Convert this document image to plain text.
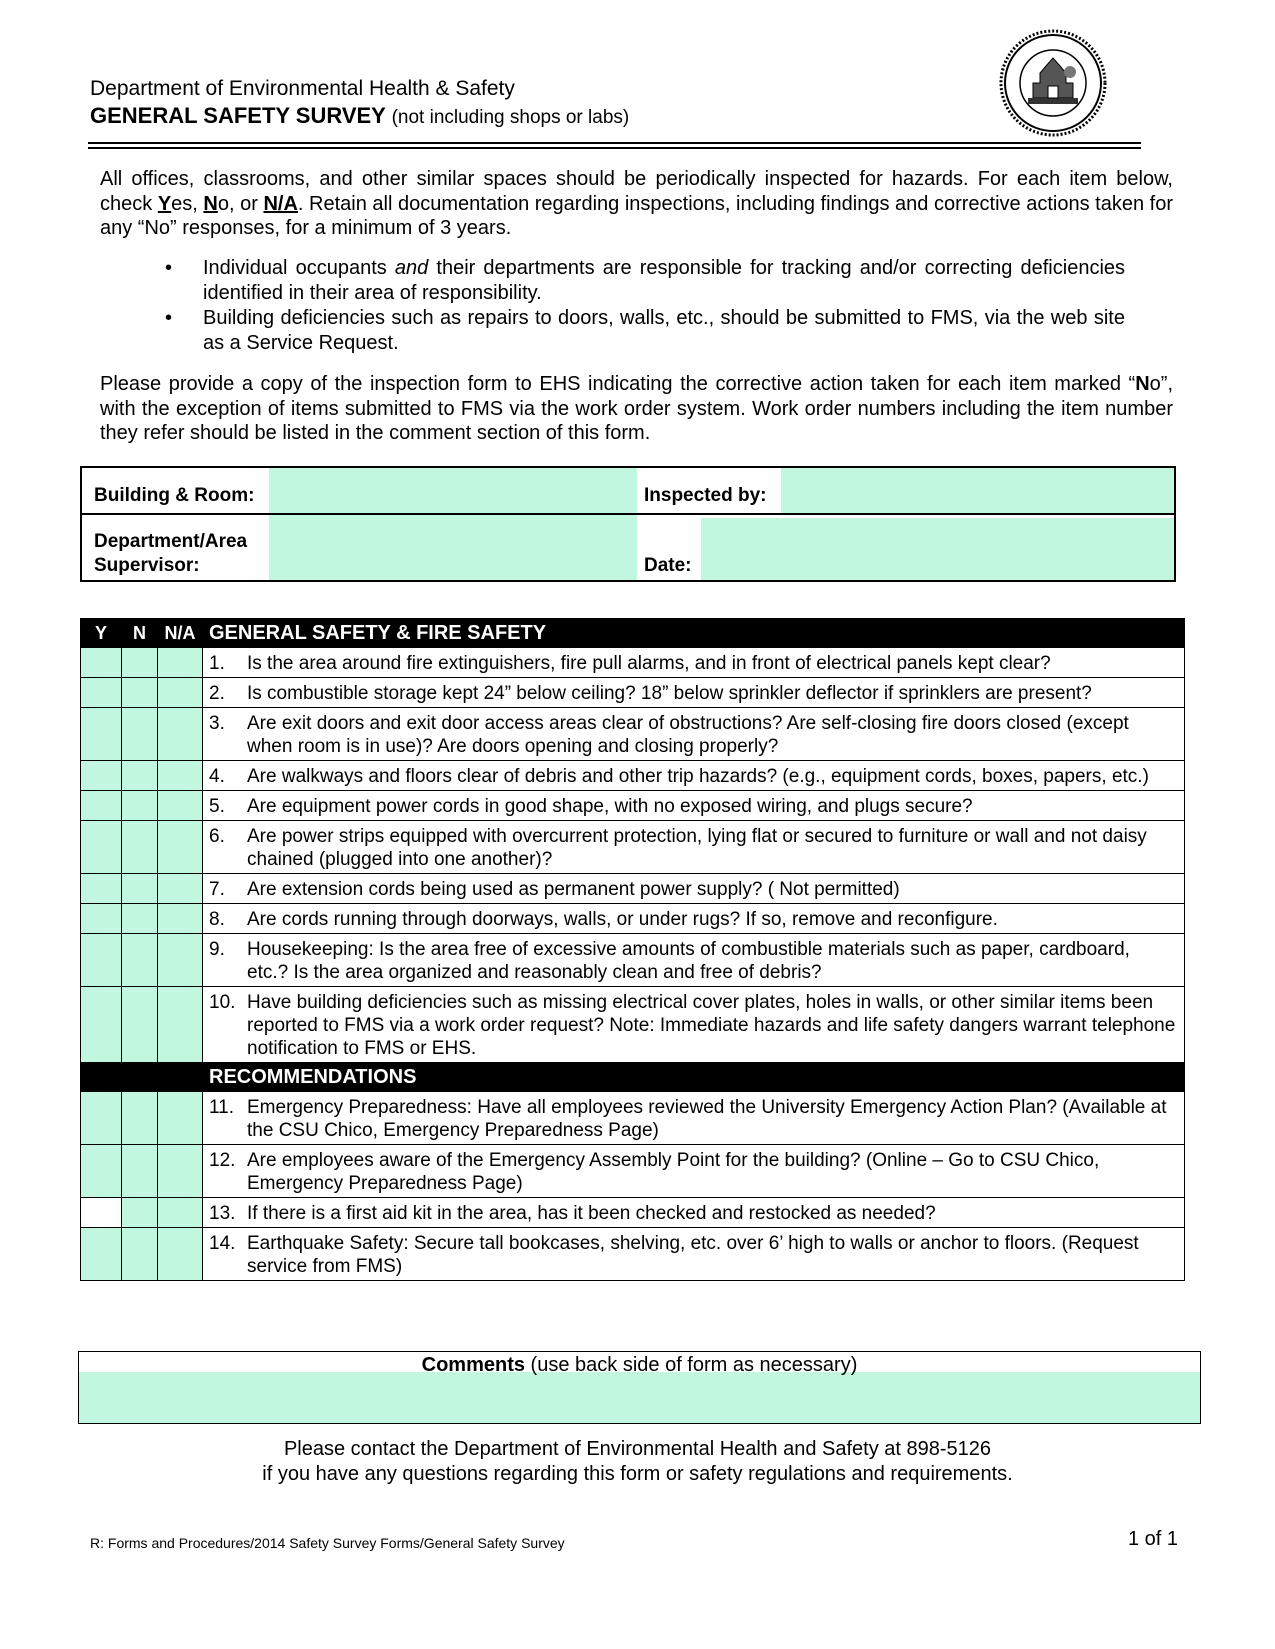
Department of Environmental Health & Safety
GENERAL SAFETY SURVEY (not including shops or labs)
All offices, classrooms, and other similar spaces should be periodically inspected for hazards. For each item below, check Yes, No, or N/A. Retain all documentation regarding inspections, including findings and corrective actions taken for any “No” responses, for a minimum of 3 years.
• Individual occupants and their departments are responsible for tracking and/or correcting deficiencies identified in their area of responsibility.
• Building deficiencies such as repairs to doors, walls, etc., should be submitted to FMS, via the web site as a Service Request.
Please provide a copy of the inspection form to EHS indicating the corrective action taken for each item marked “No”, with the exception of items submitted to FMS via the work order system. Work order numbers including the item number they refer should be listed in the comment section of this form.
Building & Room:	Inspected by:
Department/Area
Supervisor:	Date:
Y	N	N/A	GENERAL SAFETY & FIRE SAFETY

			1. Is the area around fire extinguishers, fire pull alarms, and in front of electrical panels kept clear?

			2. Is combustible storage kept 24” below ceiling? 18” below sprinkler deflector if sprinklers are present?

			3. Are exit doors and exit door access areas clear of obstructions? Are self-closing fire doors closed (except when room is in use)? Are doors opening and closing properly?

			4. Are walkways and floors clear of debris and other trip hazards? (e.g., equipment cords, boxes, papers, etc.)

			5. Are equipment power cords in good shape, with no exposed wiring, and plugs secure?

			6. Are power strips equipped with overcurrent protection, lying flat or secured to furniture or wall and not daisy chained (plugged into one another)?

			7. Are extension cords being used as permanent power supply? ( Not permitted)

			8. Are cords running through doorways, walls, or under rugs? If so, remove and reconfigure.

			9. Housekeeping: Is the area free of excessive amounts of combustible materials such as paper, cardboard, etc.? Is the area organized and reasonably clean and free of debris?

			10. Have building deficiencies such as missing electrical cover plates, holes in walls, or other similar items been reported to FMS via a work order request? Note: Immediate hazards and life safety dangers warrant telephone notification to FMS or EHS.

			RECOMMENDATIONS

			11. Emergency Preparedness: Have all employees reviewed the University Emergency Action Plan? (Available at the CSU Chico, Emergency Preparedness Page)

			12. Are employees aware of the Emergency Assembly Point for the building? (Online – Go to CSU Chico, Emergency Preparedness Page)

			13. If there is a first aid kit in the area, has it been checked and restocked as needed?

			14. Earthquake Safety: Secure tall bookcases, shelving, etc. over 6’ high to walls or anchor to floors. (Request service from FMS)
Comments (use back side of form as necessary)
Please contact the Department of Environmental Health and Safety at 898-5126
if you have any questions regarding this form or safety regulations and requirements.
R: Forms and Procedures/2014 Safety Survey Forms/General Safety Survey	1 of 1
